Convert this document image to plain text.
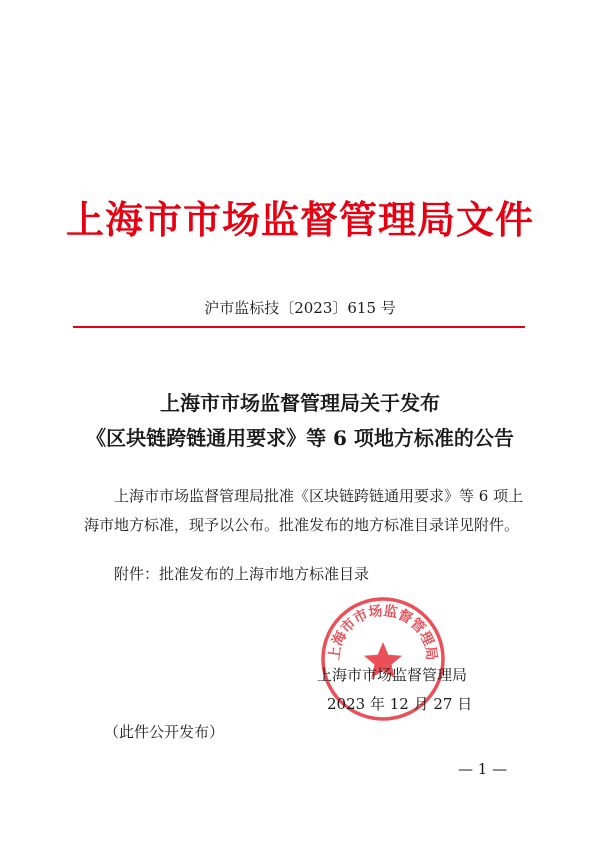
上海市市场监督管理局文件
沪市监标技〔2023〕615 号
上海市市场监督管理局关于发布
《区块链跨链通用要求》等 6 项地方标准的公告
上海市市场监督管理局批准《区块链跨链通用要求》等 6 项上
海市地方标准，现予以公布。批准发布的地方标准目录详见附件。
附件：批准发布的上海市地方标准目录
上海市市场监督管理局
上海市市场监督管理局
2023 年 12 月 27 日
（此件公开发布）
— 1 —
